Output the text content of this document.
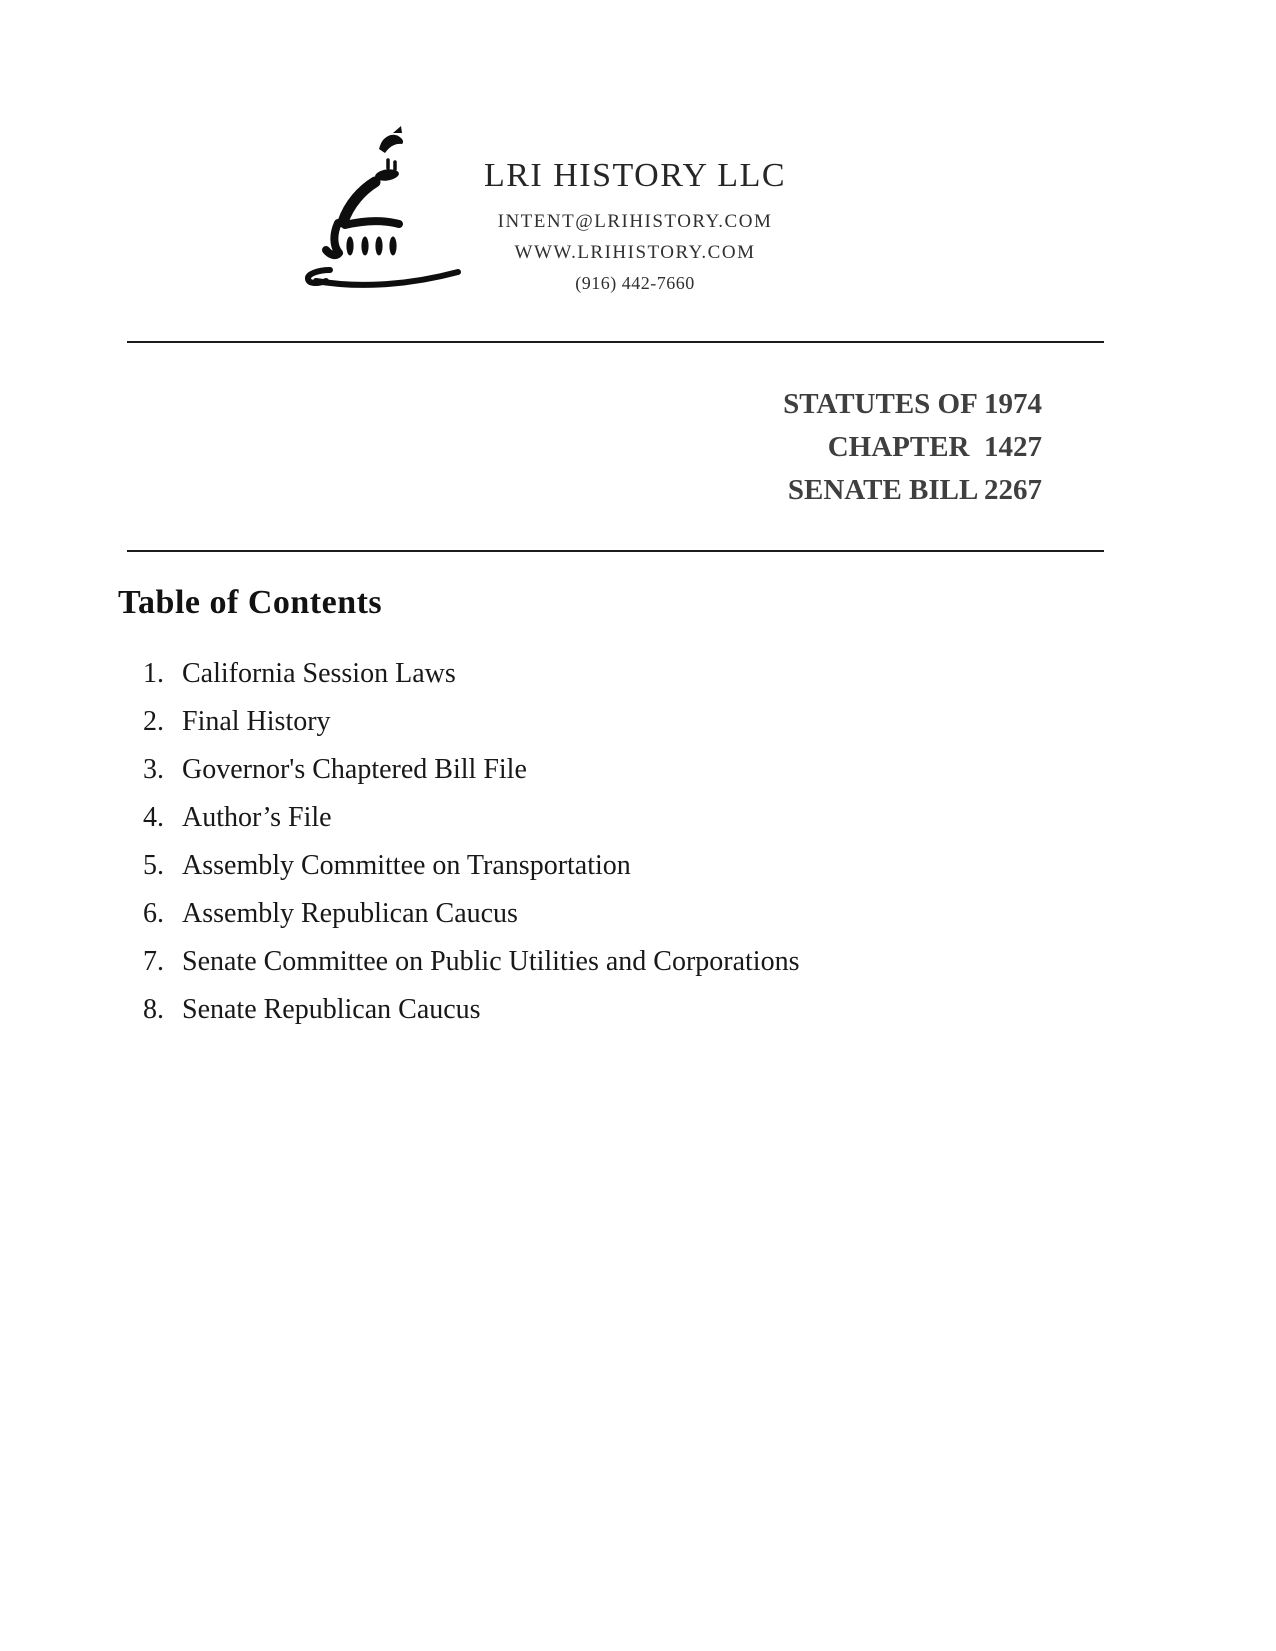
LRI HISTORY LLC
INTENT@LRIHISTORY.COM
WWW.LRIHISTORY.COM
(916) 442-7660
STATUTES OF 1974
CHAPTER  1427
SENATE BILL 2267
Table of Contents
1. California Session Laws
2. Final History
3. Governor's Chaptered Bill File
4. Author’s File
5. Assembly Committee on Transportation
6. Assembly Republican Caucus
7. Senate Committee on Public Utilities and Corporations
8. Senate Republican Caucus
